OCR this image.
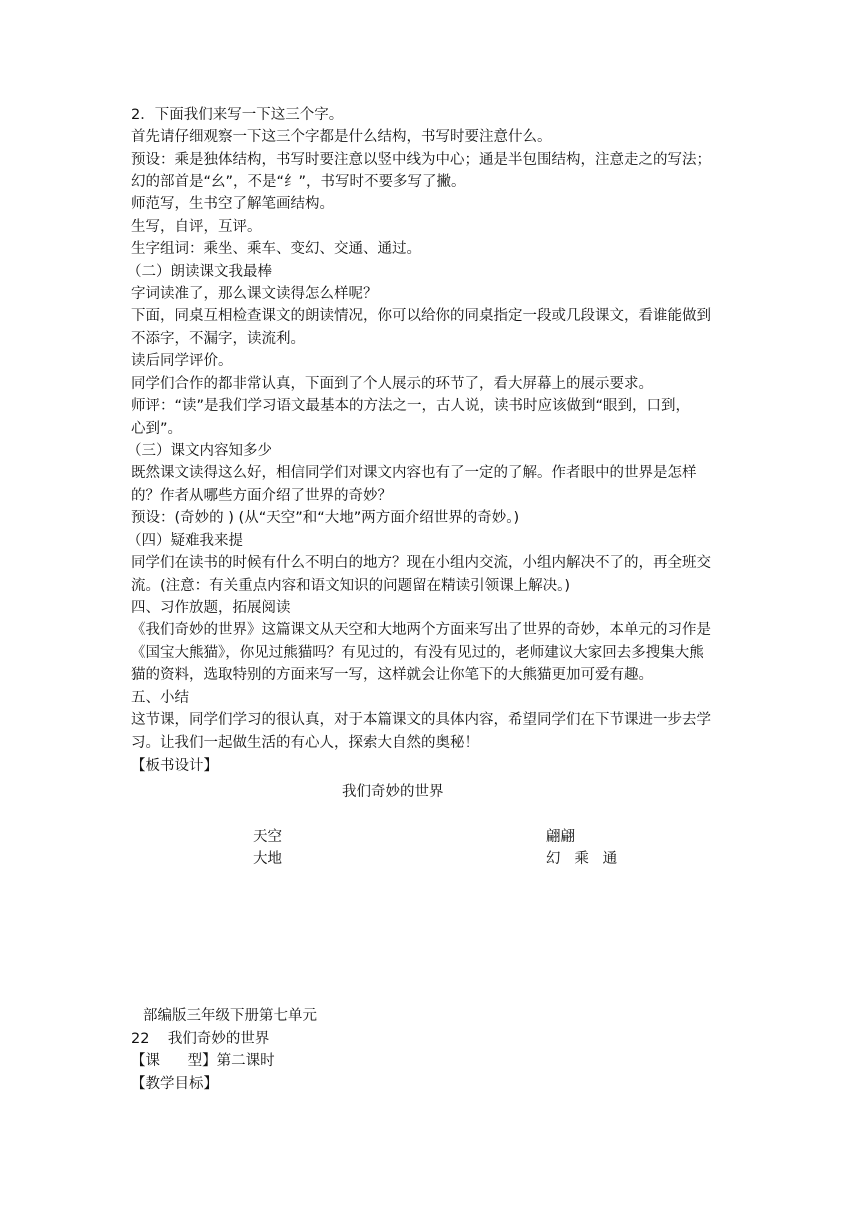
2．下面我们来写一下这三个字。
首先请仔细观察一下这三个字都是什么结构，书写时要注意什么。
预设：乘是独体结构，书写时要注意以竖中线为中心；通是半包围结构，注意走之的写法；
幻的部首是“幺”，不是“纟”，书写时不要多写了撇。
师范写，生书空了解笔画结构。
生写，自评，互评。
生字组词：乘坐、乘车、变幻、交通、通过。
（二）朗读课文我最棒
字词读准了，那么课文读得怎么样呢？
下面，同桌互相检查课文的朗读情况，你可以给你的同桌指定一段或几段课文，看谁能做到
不添字，不漏字，读流利。
读后同学评价。
同学们合作的都非常认真，下面到了个人展示的环节了，看大屏幕上的展示要求。
师评：“读”是我们学习语文最基本的方法之一，古人说，读书时应该做到“眼到，口到，
心到”。
（三）课文内容知多少
既然课文读得这么好，相信同学们对课文内容也有了一定的了解。作者眼中的世界是怎样
的？作者从哪些方面介绍了世界的奇妙？
预设：(奇妙的 ) (从“天空”和“大地”两方面介绍世界的奇妙。)
（四）疑难我来提
同学们在读书的时候有什么不明白的地方？现在小组内交流，小组内解决不了的，再全班交
流。(注意：有关重点内容和语文知识的问题留在精读引领课上解决。)
四、习作放题，拓展阅读
《我们奇妙的世界》这篇课文从天空和大地两个方面来写出了世界的奇妙，本单元的习作是
《国宝大熊猫》，你见过熊猫吗？有见过的，有没有见过的，老师建议大家回去多搜集大熊
猫的资料，选取特别的方面来写一写，这样就会让你笔下的大熊猫更加可爱有趣。
五、小结
这节课，同学们学习的很认真，对于本篇课文的具体内容，希望同学们在下节课进一步去学
习。让我们一起做生活的有心人，探索大自然的奥秘！
【板书设计】
我们奇妙的世界
天空
大地
翩翩
幻   乘   通
部编版三年级下册第七单元
22    我们奇妙的世界
【课      型】第二课时
【教学目标】
